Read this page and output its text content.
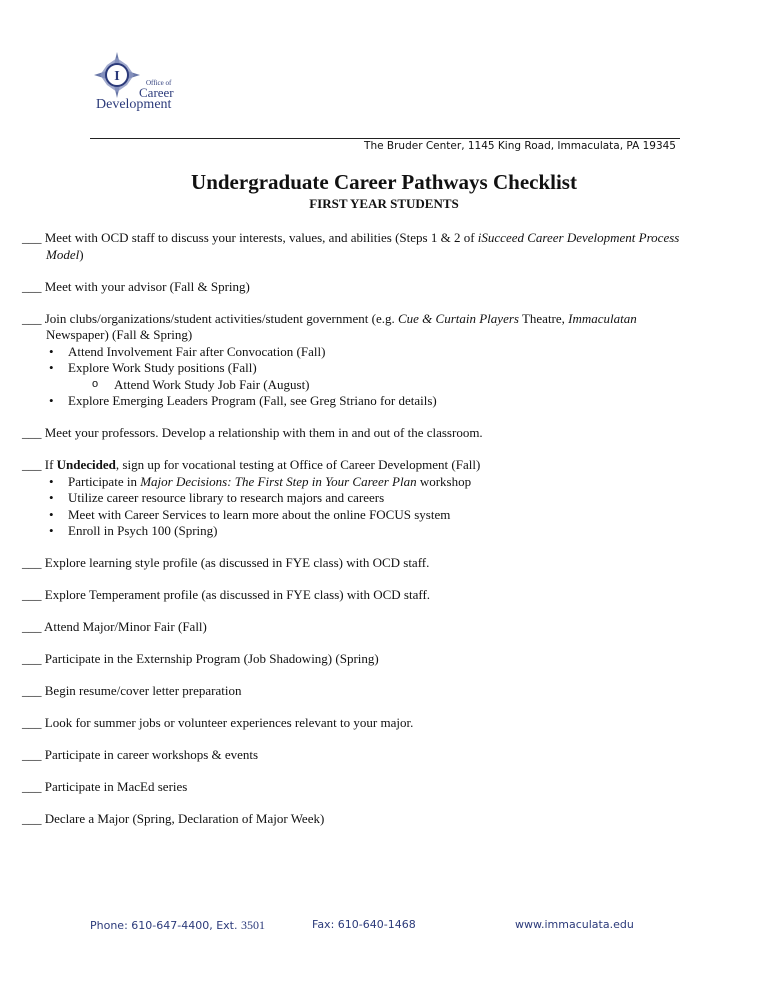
I	Office of
Career
Development
The Bruder Center, 1145 King Road, Immaculata, PA 19345
Undergraduate Career Pathways Checklist
FIRST YEAR STUDENTS
___ Meet with OCD staff to discuss your interests, values, and abilities (Steps 1 & 2 of iSucceed Career Development Process
Model)
___ Meet with your advisor (Fall & Spring)
___ Join clubs/organizations/student activities/student government (e.g. Cue & Curtain Players Theatre, Immaculatan
Newspaper) (Fall & Spring)
• Attend Involvement Fair after Convocation (Fall)
• Explore Work Study positions (Fall)
o Attend Work Study Job Fair (August)
• Explore Emerging Leaders Program (Fall, see Greg Striano for details)
___ Meet your professors. Develop a relationship with them in and out of the classroom.
___ If Undecided, sign up for vocational testing at Office of Career Development (Fall)
• Participate in Major Decisions: The First Step in Your Career Plan workshop
• Utilize career resource library to research majors and careers
• Meet with Career Services to learn more about the online FOCUS system
• Enroll in Psych 100 (Spring)
___ Explore learning style profile (as discussed in FYE class) with OCD staff.
___ Explore Temperament profile (as discussed in FYE class) with OCD staff.
___ Attend Major/Minor Fair (Fall)
___ Participate in the Externship Program (Job Shadowing) (Spring)
___ Begin resume/cover letter preparation
___ Look for summer jobs or volunteer experiences relevant to your major.
___ Participate in career workshops & events
___ Participate in MacEd series
___ Declare a Major (Spring, Declaration of Major Week)
Phone: 610-647-4400, Ext. 3501	Fax: 610-640-1468	www.immaculata.edu
